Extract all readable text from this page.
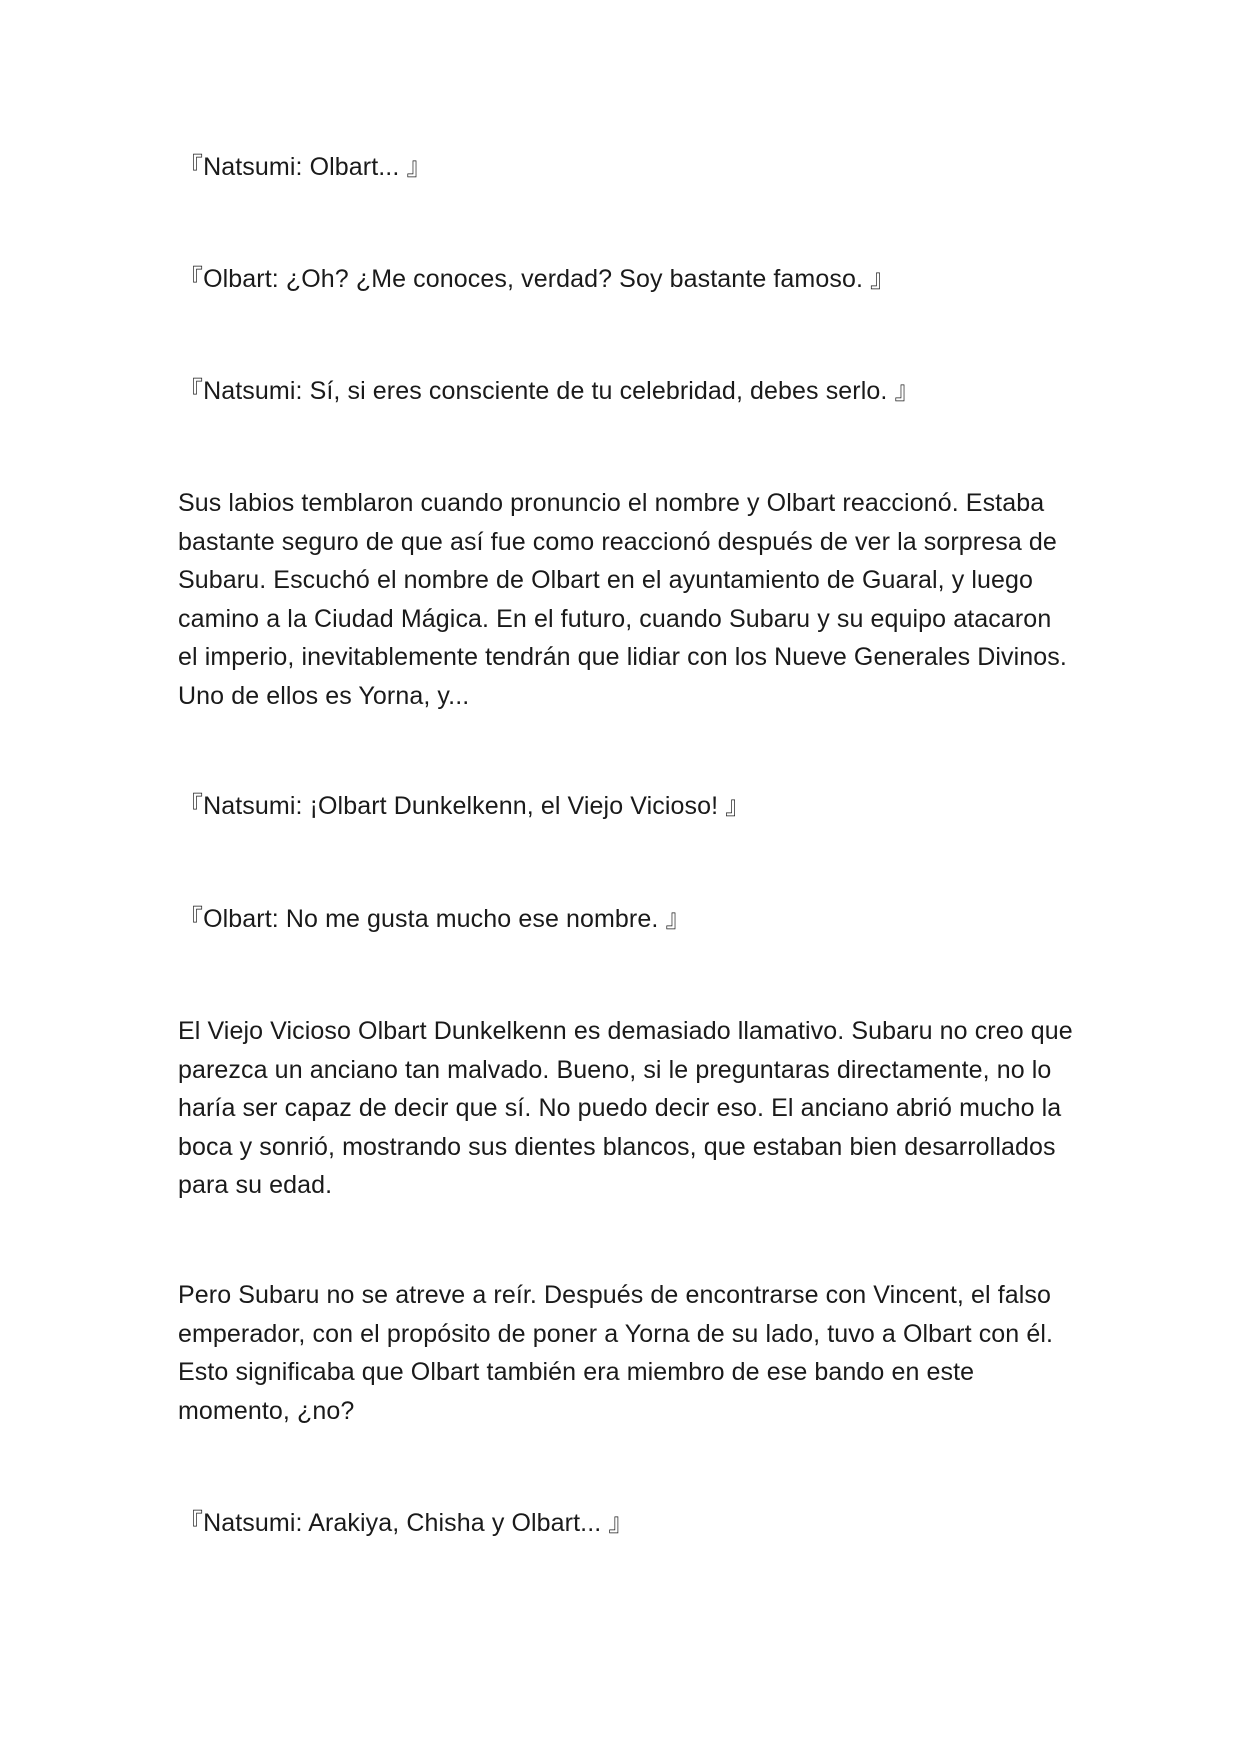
『Natsumi: Olbart... 』

『Olbart: ¿Oh? ¿Me conoces, verdad? Soy bastante famoso. 』

『Natsumi: Sí, si eres consciente de tu celebridad, debes serlo. 』

Sus labios temblaron cuando pronuncio el nombre y Olbart reaccionó. Estaba bastante seguro de que así fue como reaccionó después de ver la sorpresa de Subaru. Escuchó el nombre de Olbart en el ayuntamiento de Guaral, y luego camino a la Ciudad Mágica. En el futuro, cuando Subaru y su equipo atacaron el imperio, inevitablemente tendrán que lidiar con los Nueve Generales Divinos. Uno de ellos es Yorna, y...

『Natsumi: ¡Olbart Dunkelkenn, el Viejo Vicioso! 』

『Olbart: No me gusta mucho ese nombre. 』

El Viejo Vicioso Olbart Dunkelkenn es demasiado llamativo. Subaru no creo que parezca un anciano tan malvado. Bueno, si le preguntaras directamente, no lo haría ser capaz de decir que sí. No puedo decir eso. El anciano abrió mucho la boca y sonrió, mostrando sus dientes blancos, que estaban bien desarrollados para su edad.

Pero Subaru no se atreve a reír. Después de encontrarse con Vincent, el falso emperador, con el propósito de poner a Yorna de su lado, tuvo a Olbart con él. Esto significaba que Olbart también era miembro de ese bando en este momento, ¿no?

『Natsumi: Arakiya, Chisha y Olbart... 』
